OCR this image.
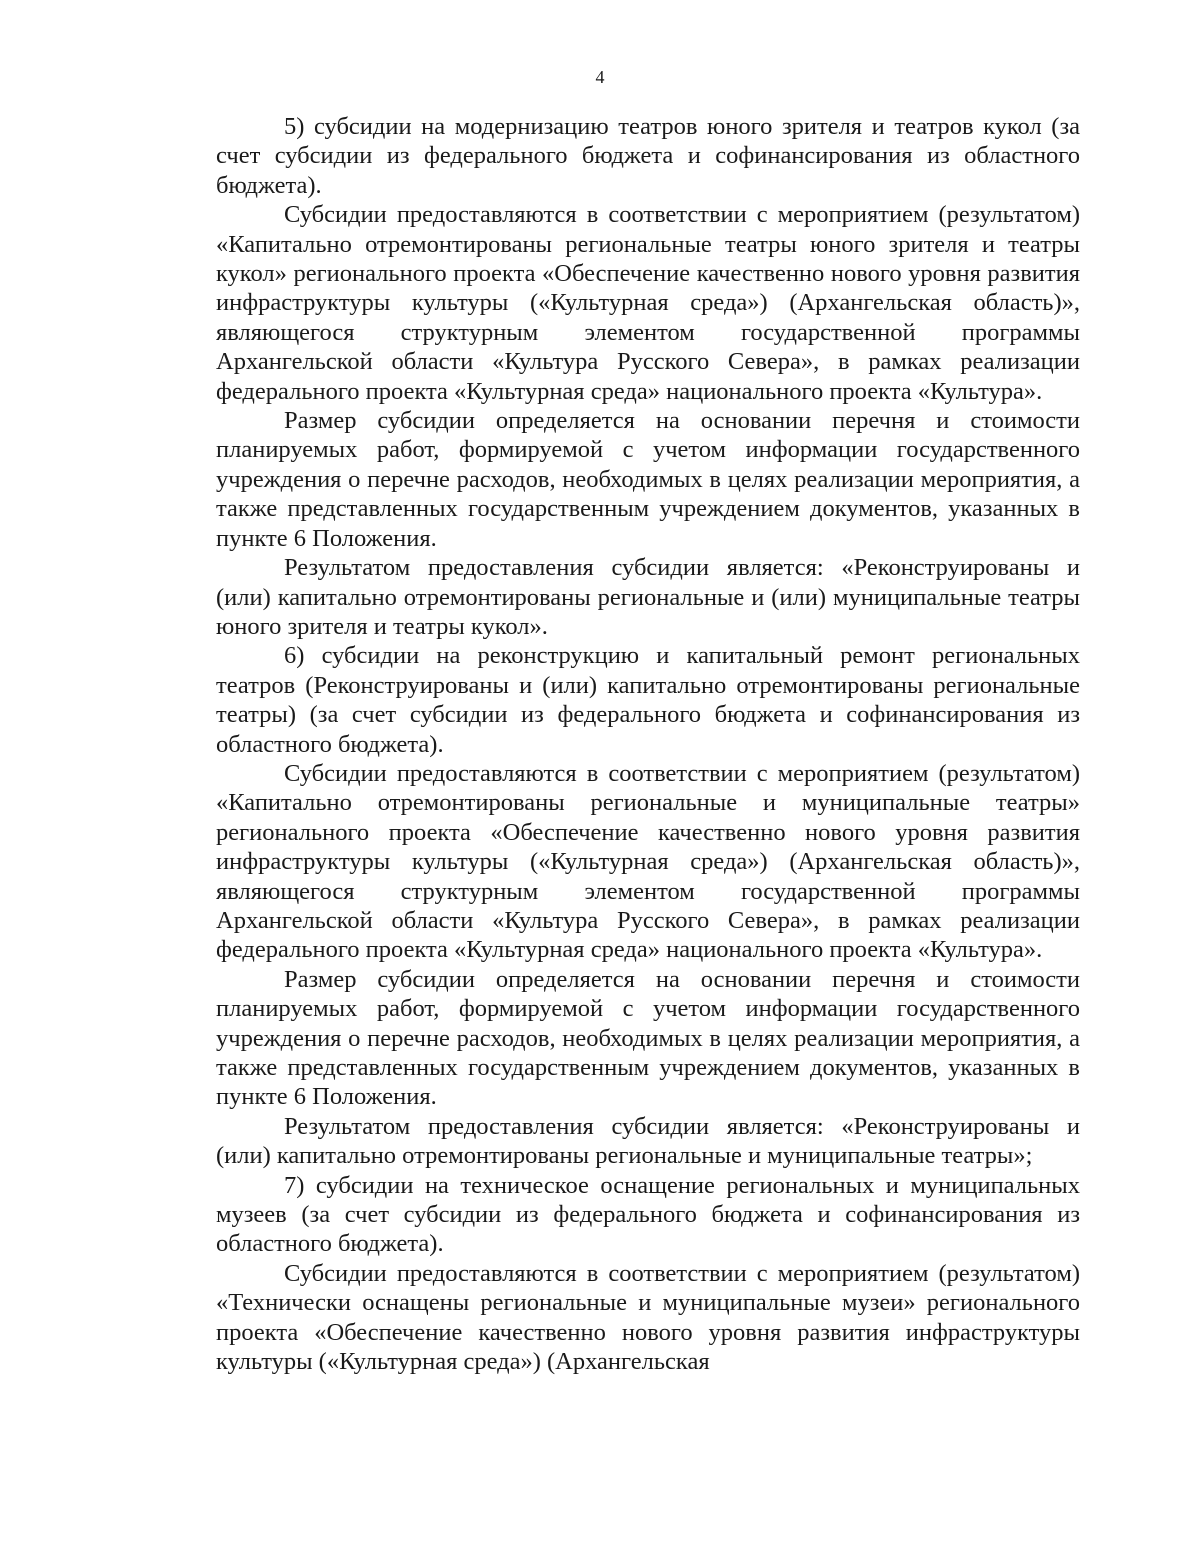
4

5) субсидии на модернизацию театров юного зрителя и театров кукол (за счет субсидии из федерального бюджета и софинансирования из областного бюджета).

Субсидии предоставляются в соответствии с мероприятием (результатом) «Капитально отремонтированы региональные театры юного зрителя и театры кукол» регионального проекта «Обеспечение качественно нового уровня развития инфраструктуры культуры («Культурная среда») (Архангельская область)», являющегося структурным элементом государственной программы Архангельской области «Культура Русского Севера», в рамках реализации федерального проекта «Культурная среда» национального проекта «Культура».

Размер субсидии определяется на основании перечня и стоимости планируемых работ, формируемой с учетом информации государственного учреждения о перечне расходов, необходимых в целях реализации мероприятия, а также представленных государственным учреждением документов, указанных в пункте 6 Положения.

Результатом предоставления субсидии является: «Реконструированы и (или) капитально отремонтированы региональные и (или) муниципальные театры юного зрителя и театры кукол».

6) субсидии на реконструкцию и капитальный ремонт региональных театров (Реконструированы и (или) капитально отремонтированы региональные театры) (за счет субсидии из федерального бюджета и софинансирования из областного бюджета).

Субсидии предоставляются в соответствии с мероприятием (результатом) «Капитально отремонтированы региональные и муниципальные театры» регионального проекта «Обеспечение качественно нового уровня развития инфраструктуры культуры («Культурная среда») (Архангельская область)», являющегося структурным элементом государственной программы Архангельской области «Культура Русского Севера», в рамках реализации федерального проекта «Культурная среда» национального проекта «Культура».

Размер субсидии определяется на основании перечня и стоимости планируемых работ, формируемой с учетом информации государственного учреждения о перечне расходов, необходимых в целях реализации мероприятия, а также представленных государственным учреждением документов, указанных в пункте 6 Положения.

Результатом предоставления субсидии является: «Реконструированы и (или) капитально отремонтированы региональные и муниципальные театры»;

7) субсидии на техническое оснащение региональных и муниципальных музеев (за счет субсидии из федерального бюджета и софинансирования из областного бюджета).

Субсидии предоставляются в соответствии с мероприятием (результатом) «Технически оснащены региональные и муниципальные музеи» регионального проекта «Обеспечение качественно нового уровня развития инфраструктуры культуры («Культурная среда») (Архангельская
